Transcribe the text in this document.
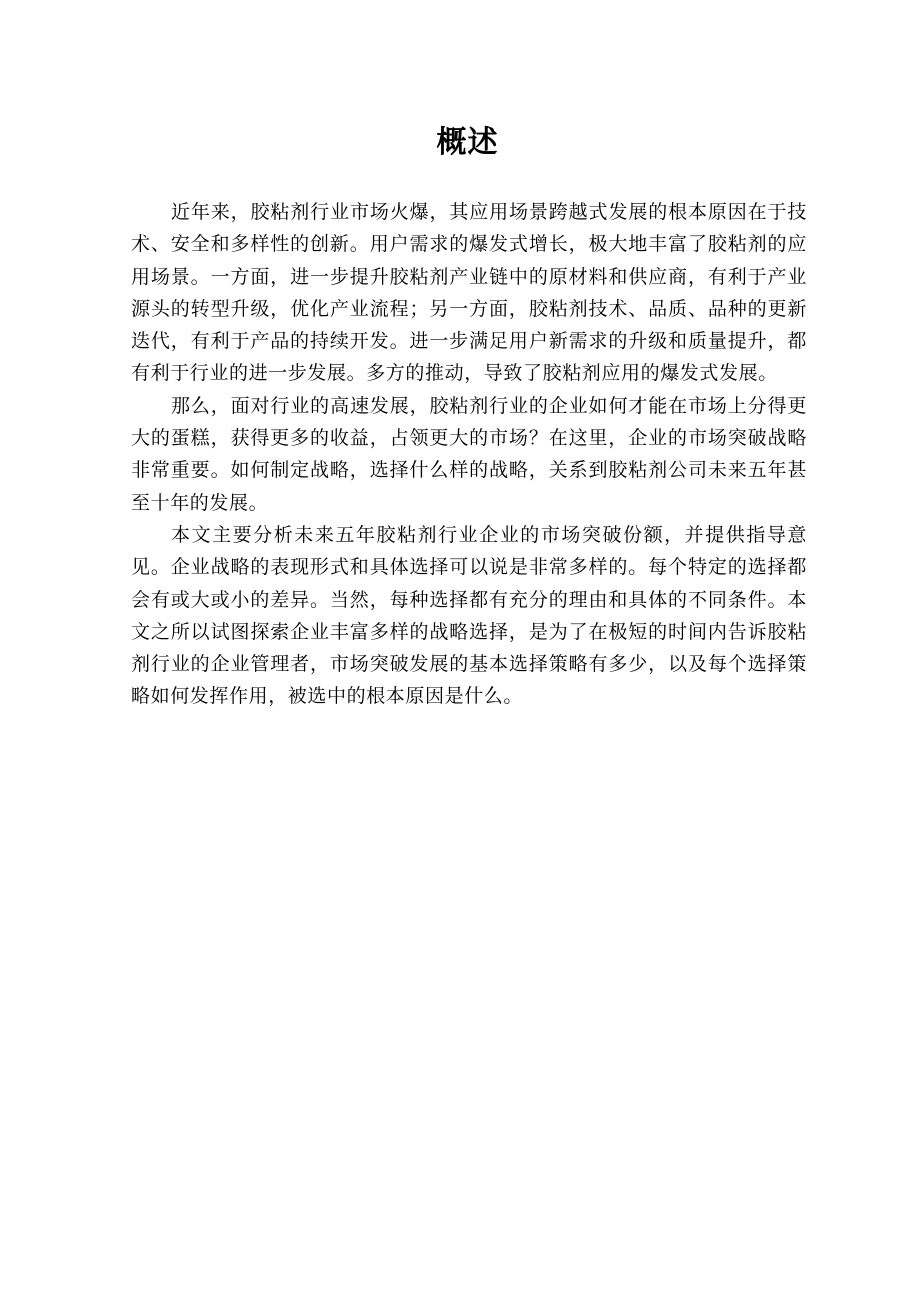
概述

近年来，胶粘剂行业市场火爆，其应用场景跨越式发展的根本原因在于技术、安全和多样性的创新。用户需求的爆发式增长，极大地丰富了胶粘剂的应用场景。一方面，进一步提升胶粘剂产业链中的原材料和供应商，有利于产业源头的转型升级，优化产业流程；另一方面，胶粘剂技术、品质、品种的更新迭代，有利于产品的持续开发。进一步满足用户新需求的升级和质量提升，都有利于行业的进一步发展。多方的推动，导致了胶粘剂应用的爆发式发展。

那么，面对行业的高速发展，胶粘剂行业的企业如何才能在市场上分得更大的蛋糕，获得更多的收益，占领更大的市场？在这里，企业的市场突破战略非常重要。如何制定战略，选择什么样的战略，关系到胶粘剂公司未来五年甚至十年的发展。

本文主要分析未来五年胶粘剂行业企业的市场突破份额，并提供指导意见。企业战略的表现形式和具体选择可以说是非常多样的。每个特定的选择都会有或大或小的差异。当然，每种选择都有充分的理由和具体的不同条件。本文之所以试图探索企业丰富多样的战略选择，是为了在极短的时间内告诉胶粘剂行业的企业管理者，市场突破发展的基本选择策略有多少，以及每个选择策略如何发挥作用，被选中的根本原因是什么。
